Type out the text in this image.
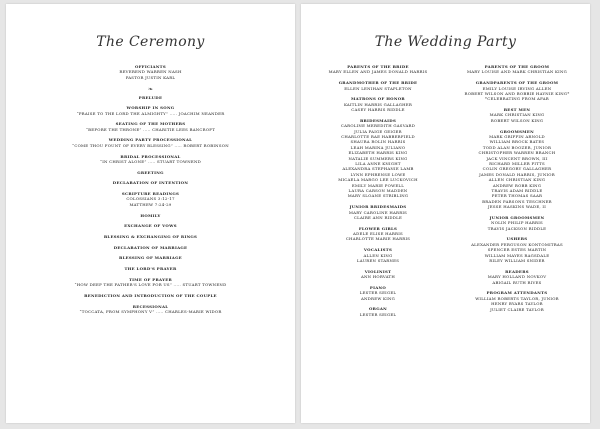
The Ceremony
OFFICIANTS
REVEREND WARREN NASH
PASTOR JUSTIN KARL
❧
PRELUDE
WORSHIP IN SONG
“PRAISE TO THE LORD THE ALMIGHTY” ..... JOACHIM NEANDER
SEATING OF THE MOTHERS
“BEFORE THE THRONE” ..... CHARITIE LEES BANCROFT
WEDDING PARTY PROCESSIONAL
“COME THOU FOUNT OF EVERY BLESSING” ..... ROBERT ROBINSON
BRIDAL PROCESSIONAL
“IN CHRIST ALONE” ..... STUART TOWNEND
GREETING
DECLARATION OF INTENTION
SCRIPTURE READINGS
COLOSSIANS 3:12-17
MATTHEW 7:24-29
HOMILY
EXCHANGE OF VOWS
BLESSING & EXCHANGING OF RINGS
DECLARATION OF MARRIAGE
BLESSING OF MARRIAGE
THE LORD'S PRAYER
TIME OF PRAYER
“HOW DEEP THE FATHER'S LOVE FOR US” ..... STUART TOWNEND
BENEDICTION AND INTRODUCTION OF THE COUPLE
RECESSIONAL
“TOCCATA, FROM SYMPHONY V” ..... CHARLES-MARIE WIDOR
The Wedding Party
PARENTS OF THE BRIDE
MARY ELLEN AND JAMES DONALD HARRIS
GRANDMOTHER OF THE BRIDE
ELLEN LENIHAN STAPLETON
MATRONS OF HONOR
KAITLIN HARRIS GALLAGHER
CASEY HARRIS RIDDLE
BRIDESMAIDS
CAROLINE MEREDITH GASVARD
JULIA PAIGE GEIGER
CHARLOTTE RAE HABBERFIELD
SHAURA ROLIN HARRIS
LEAH MARINA JULIANO
ELIZABETH HARRIS KING
NATALIE SUMMERS KING
LILA ANNE KNIGHT
ALEXANDRA STEPHANIE LAMB
LYNN EPHRENSE LOWE
MICAELA MARGO LEE LUCKOVICH
EMILY MARIE POWELL
LAURA CARSON MADDEN
MARY SLOANE STRIBLING
JUNIOR BRIDESMAIDS
MARY CAROLINE HARRIS
CLAIRE ANN RIDDLE
FLOWER GIRLS
ADELE ELISE HARRIS
CHARLOTTE MARIE HARRIS
VOCALISTS
ALLEN KING
LAUREN STARNES
VIOLINIST
ANN HORVATH
PIANO
LESTER SEIGEL
ANDREW KING
ORGAN
LESTER SEIGEL
PARENTS OF THE GROOM
MARY LOUISE AND MARK CHRISTIAN KING
GRANDPARENTS OF THE GROOM
EMILY LOUISE IRVING ALLEN
ROBERT WILSON AND BOBBIE HAYNIE KING*
*CELEBRATING FROM AFAR
BEST MEN
MARK CHRISTIAN KING
ROBERT WILSON KING
GROOMSMEN
MARK GRIFFIN ARNOLD
WILLIAM BROCK BATES
TODD ALAN BOOZER, JUNIOR
CHRISTOPHER WARREN BRANCH
JACK VINCENT BROWN, III
RICHARD MILLER FITTS
COLIN GREGORY GALLAGHER
JAMES DONALD HARRIS, JUNIOR
ALLEN CHRISTIAN KING
ANDREW ROBB KING
TRAVIS ADAM RIDDLE
PETER THOMAS SAAR
BRADEN PARSONS TESCHNER
JESSE HASKINS WADE, II
JUNIOR GROOMSMEN
NOLIN PHILIP HARRIS
TRAVIS JACKSON RIDDLE
USHERS
ALEXANDER FERGUSON KONTOMITRAS
SPENCER ESTES MARTIN
WILLIAM MAYES RAGSDALE
RILEY WILLIAM SNIDER
READERS
MARY HOLLAND NOVKOV
ABIGAIL RUTH RIVES
PROGRAM ATTENDANTS
WILLIAM ROBERTS TAYLOR, JUNIOR
HENRY BYARS TAYLOR
JULIET CLAIRE TAYLOR
